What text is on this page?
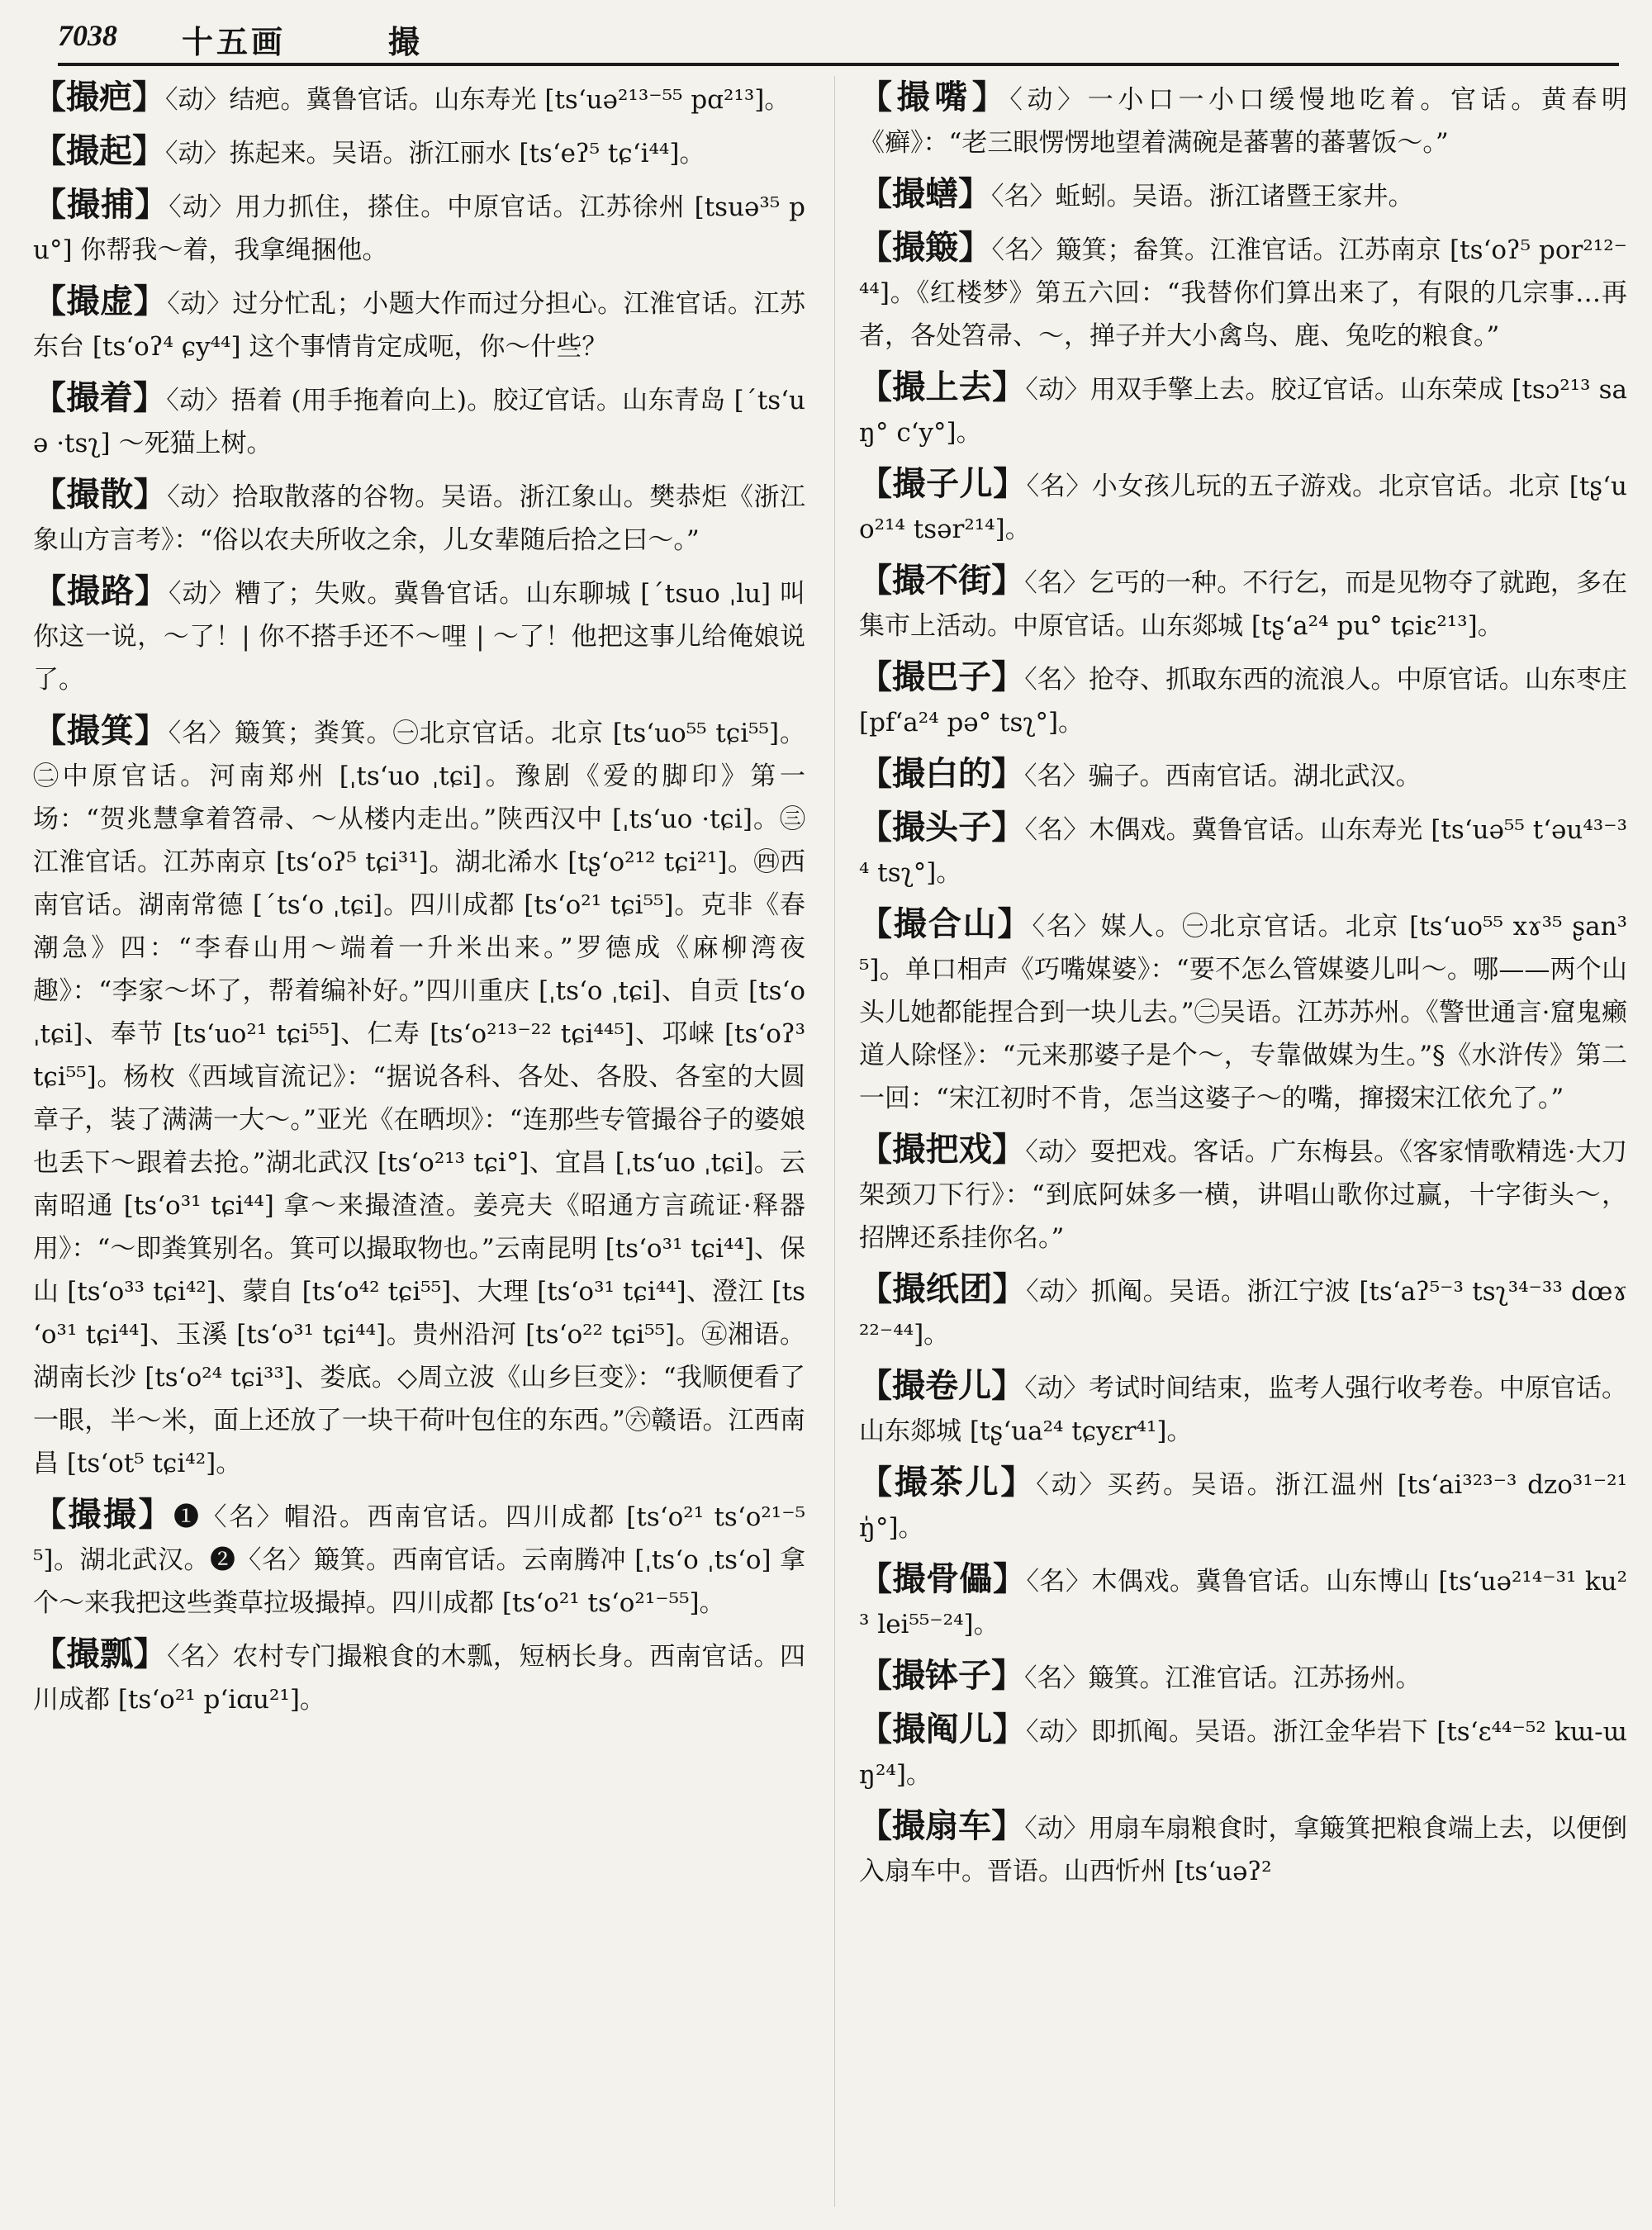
7038 十五画	撮
【撮疤】〈动〉结疤。冀鲁官话。山东寿光 [tsʻuə²¹³⁻⁵⁵ pɑ²¹³]。
【撮起】〈动〉拣起来。吴语。浙江丽水 [tsʻeʔ⁵ tɕʻi⁴⁴]。
【撮捕】〈动〉用力抓住，搽住。中原官话。江苏徐州 [tsuə³⁵ pu°] 你帮我～着，我拿绳捆他。
【撮虚】〈动〉过分忙乱；小题大作而过分担心。江淮官话。江苏东台 [tsʻoʔ⁴ ɕy⁴⁴] 这个事情肯定成呃，你～什些？
【撮着】〈动〉捂着 (用手拖着向上)。胶辽官话。山东青岛 [ˊtsʻuə ·tsʅ] ～死猫上树。
【撮散】〈动〉拾取散落的谷物。吴语。浙江象山。樊恭炬《浙江象山方言考》：“俗以农夫所收之余，儿女辈随后拾之曰～。”
【撮路】〈动〉糟了；失败。冀鲁官话。山东聊城 [ˊtsuo ˌlu] 叫你这一说，～了！| 你不搭手还不～哩 | ～了！他把这事儿给俺娘说了。
【撮箕】〈名〉簸箕；粪箕。㊀北京官话。北京 [tsʻuo⁵⁵ tɕi⁵⁵]。㊁中原官话。河南郑州 [ˌtsʻuo ˌtɕi]。豫剧《爱的脚印》第一场：“贺兆慧拿着笤帚、～从楼内走出。”陕西汉中 [ˌtsʻuo ·tɕi]。㊂江淮官话。江苏南京 [tsʻoʔ⁵ tɕi³¹]。湖北浠水 [tʂʻo²¹² tɕi²¹]。㊃西南官话。湖南常德 [ˊtsʻo ˌtɕi]。四川成都 [tsʻo²¹ tɕi⁵⁵]。克非《春潮急》四：“李春山用～端着一升米出来。”罗德成《麻柳湾夜趣》：“李家～坏了，帮着编补好。”四川重庆 [ˌtsʻo ˌtɕi]、自贡 [tsʻo ˌtɕi]、奉节 [tsʻuo²¹ tɕi⁵⁵]、仁寿 [tsʻo²¹³⁻²² tɕi⁴⁴⁵]、邛崃 [tsʻoʔ³ tɕi⁵⁵]。杨枚《西域盲流记》：“据说各科、各处、各股、各室的大圆章子，装了满满一大～。”亚光《在晒坝》：“连那些专管撮谷子的婆娘也丢下～跟着去抢。”湖北武汉 [tsʻo²¹³ tɕi°]、宜昌 [ˌtsʻuo ˌtɕi]。云南昭通 [tsʻo³¹ tɕi⁴⁴] 拿～来撮渣渣。姜亮夫《昭通方言疏证·释器用》：“～即粪箕别名。箕可以撮取物也。”云南昆明 [tsʻo³¹ tɕi⁴⁴]、保山 [tsʻo³³ tɕi⁴²]、蒙自 [tsʻo⁴² tɕi⁵⁵]、大理 [tsʻo³¹ tɕi⁴⁴]、澄江 [tsʻo³¹ tɕi⁴⁴]、玉溪 [tsʻo³¹ tɕi⁴⁴]。贵州沿河 [tsʻo²² tɕi⁵⁵]。㊄湘语。湖南长沙 [tsʻo²⁴ tɕi³³]、娄底。◇周立波《山乡巨变》：“我顺便看了一眼，半～米，面上还放了一块干荷叶包住的东西。”㊅赣语。江西南昌 [tsʻot⁵ tɕi⁴²]。
【撮撮】❶〈名〉帽沿。西南官话。四川成都 [tsʻo²¹ tsʻo²¹⁻⁵⁵]。湖北武汉。❷〈名〉簸箕。西南官话。云南腾冲 [ˌtsʻo ˌtsʻo] 拿个～来我把这些粪草拉圾撮掉。四川成都 [tsʻo²¹ tsʻo²¹⁻⁵⁵]。
【撮瓢】〈名〉农村专门撮粮食的木瓢，短柄长身。西南官话。四川成都 [tsʻo²¹ pʻiɑu²¹]。
【撮嘴】〈动〉一小口一小口缓慢地吃着。官话。黄春明《癣》：“老三眼愣愣地望着满碗是蕃薯的蕃薯饭～。”
【撮蟮】〈名〉蚯蚓。吴语。浙江诸暨王家井。
【撮簸】〈名〉簸箕；畚箕。江淮官话。江苏南京 [tsʻoʔ⁵ por²¹²⁻⁴⁴]。《红楼梦》第五六回：“我替你们算出来了，有限的几宗事…再者，各处笤帚、～，掸子并大小禽鸟、鹿、兔吃的粮食。”
【撮上去】〈动〉用双手擎上去。胶辽官话。山东荣成 [tsɔ²¹³ saŋ° cʻy°]。
【撮子儿】〈名〉小女孩儿玩的五子游戏。北京官话。北京 [tʂʻuo²¹⁴ tsər²¹⁴]。
【撮不街】〈名〉乞丐的一种。不行乞，而是见物夺了就跑，多在集市上活动。中原官话。山东郯城 [tʂʻa²⁴ pu° tɕiɛ²¹³]。
【撮巴子】〈名〉抢夺、抓取东西的流浪人。中原官话。山东枣庄 [pfʻa²⁴ pə° tsʅ°]。
【撮白的】〈名〉骗子。西南官话。湖北武汉。
【撮头子】〈名〉木偶戏。冀鲁官话。山东寿光 [tsʻuə⁵⁵ tʻəu⁴³⁻³⁴ tsʅ°]。
【撮合山】〈名〉媒人。㊀北京官话。北京 [tsʻuo⁵⁵ xɤ³⁵ ʂan³⁵]。单口相声《巧嘴媒婆》：“要不怎么管媒婆儿叫～。哪——两个山头儿她都能捏合到一块儿去。”㊁吴语。江苏苏州。《警世通言·窟鬼癞道人除怪》：“元来那婆子是个～，专靠做媒为生。”§《水浒传》第二一回：“宋江初时不肯，怎当这婆子～的嘴，撺掇宋江依允了。”
【撮把戏】〈动〉耍把戏。客话。广东梅县。《客家情歌精选·大刀架颈刀下行》：“到底阿妹多一横，讲唱山歌你过赢，十字街头～，招牌还系挂你名。”
【撮纸团】〈动〉抓阄。吴语。浙江宁波 [tsʻaʔ⁵⁻³ tsʅ³⁴⁻³³ dœɤ²²⁻⁴⁴]。
【撮卷儿】〈动〉考试时间结束，监考人强行收考卷。中原官话。山东郯城 [tʂʻua²⁴ tɕyɛr⁴¹]。
【撮茶儿】〈动〉买药。吴语。浙江温州 [tsʻai³²³⁻³ dzo³¹⁻²¹ ŋ̍°]。
【撮骨儡】〈名〉木偶戏。冀鲁官话。山东博山 [tsʻuə²¹⁴⁻³¹ ku²³ lei⁵⁵⁻²⁴]。
【撮钵子】〈名〉簸箕。江淮官话。江苏扬州。
【撮阄儿】〈动〉即抓阄。吴语。浙江金华岩下 [tsʻɛ⁴⁴⁻⁵² kɯ-ɯŋ²⁴]。
【撮扇车】〈动〉用扇车扇粮食时，拿簸箕把粮食端上去，以便倒入扇车中。晋语。山西忻州 [tsʻuəʔ²
